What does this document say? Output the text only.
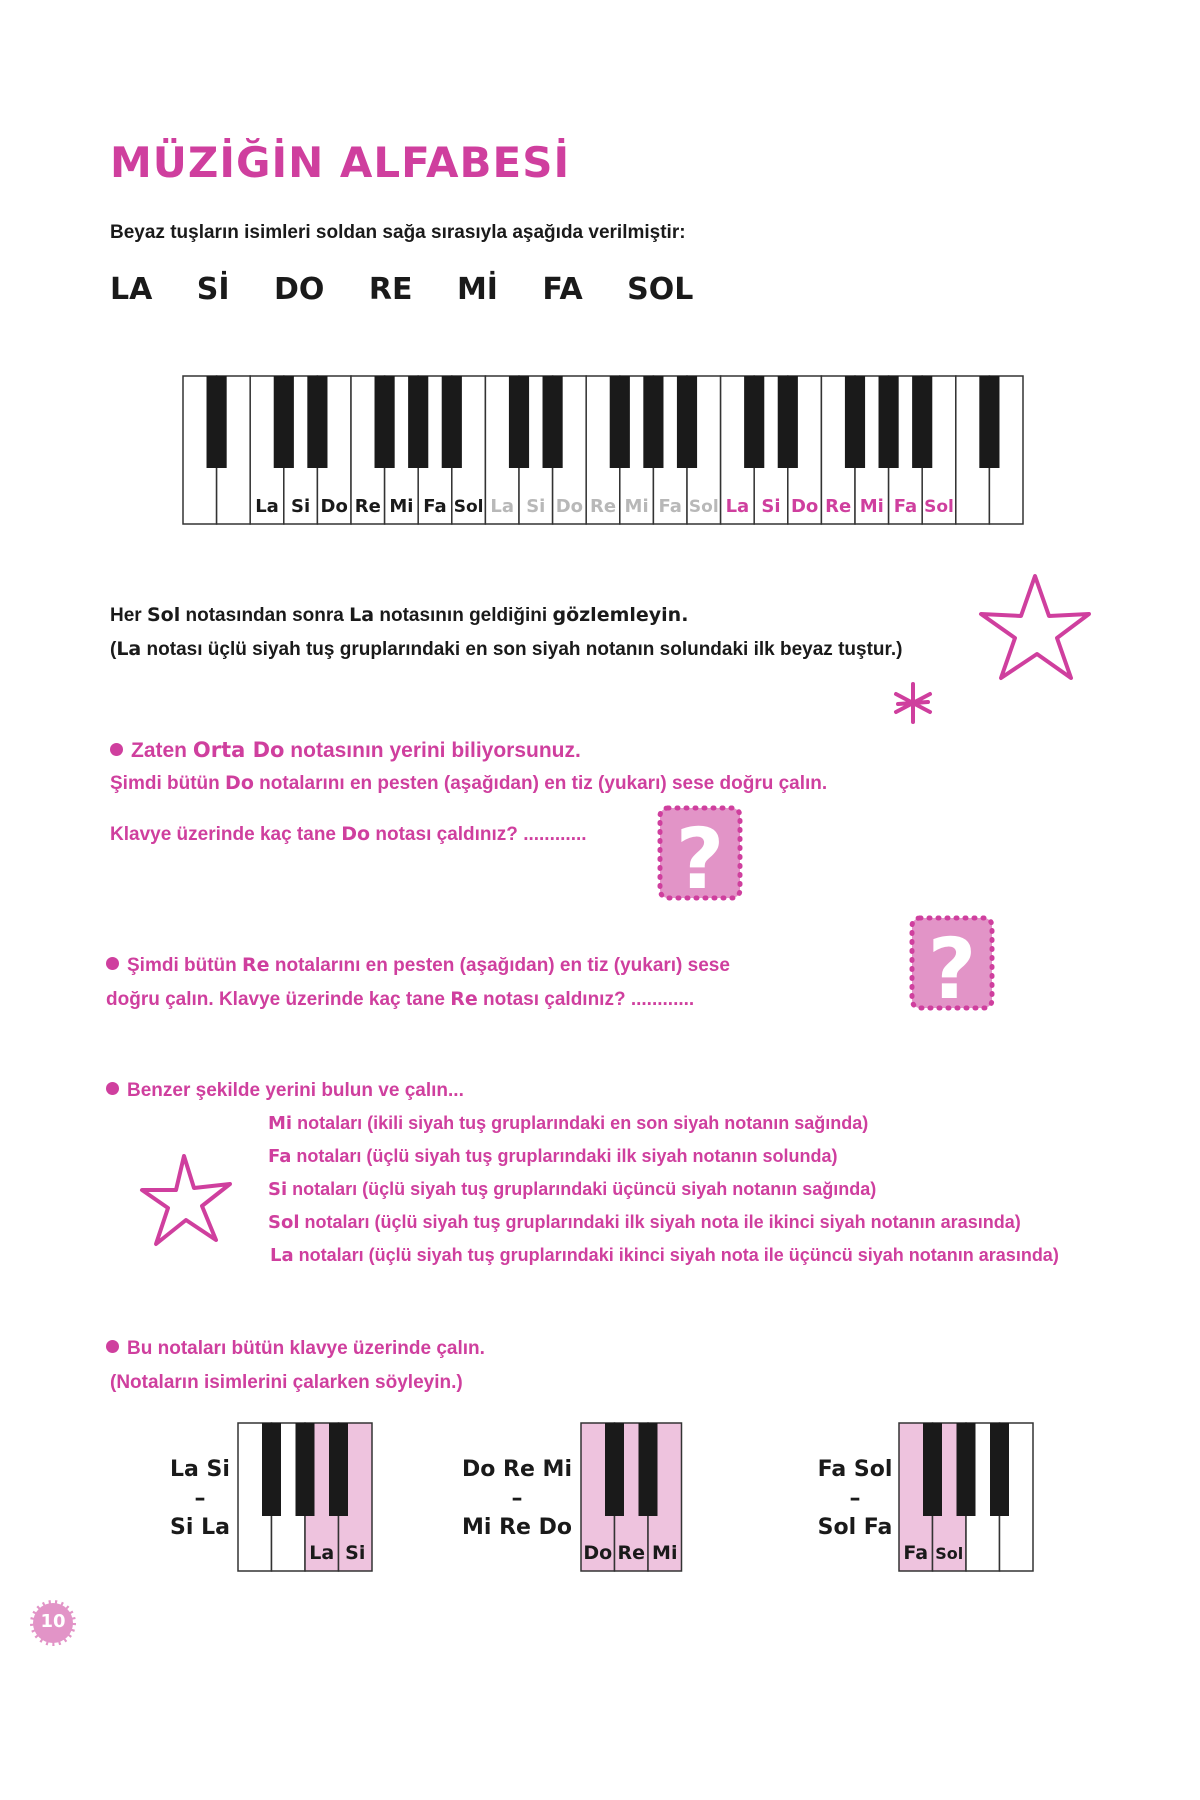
MÜZİĞİN ALFABESİ
Beyaz tuşların isimleri soldan sağa sırasıyla aşağıda verilmiştir:
LA Sİ DO RE Mİ FA SOL
La Si Do Re Mi Fa Sol La Si Do Re Mi Fa Sol La Si Do Re Mi Fa Sol
Her Sol notasından sonra La notasının geldiğini gözlemleyin.
(La notası üçlü siyah tuş gruplarındaki en son siyah notanın solundaki ilk beyaz tuştur.)
Zaten Orta Do notasının yerini biliyorsunuz.
Şimdi bütün Do notalarını en pesten (aşağıdan) en tiz (yukarı) sese doğru çalın.
Klavye üzerinde kaç tane Do notası çaldınız? ............ ?
?
Şimdi bütün Re notalarını en pesten (aşağıdan) en tiz (yukarı) sese
doğru çalın. Klavye üzerinde kaç tane Re notası çaldınız? ............
Benzer şekilde yerini bulun ve çalın...
Mi notaları (ikili siyah tuş gruplarındaki en son siyah notanın sağında)
Fa notaları (üçlü siyah tuş gruplarındaki ilk siyah notanın solunda)
Si notaları (üçlü siyah tuş gruplarındaki üçüncü siyah notanın sağında)
Sol notaları (üçlü siyah tuş gruplarındaki ilk siyah nota ile ikinci siyah notanın arasında)
La notaları (üçlü siyah tuş gruplarındaki ikinci siyah nota ile üçüncü siyah notanın arasında)
Bu notaları bütün klavye üzerinde çalın.
(Notaların isimlerini çalarken söyleyin.)
La Si
–
Si La
Do Re Mi
–
Mi Re Do
Fa Sol
–
Sol Fa
La Si	Do Re Mi	Fa Sol
10
